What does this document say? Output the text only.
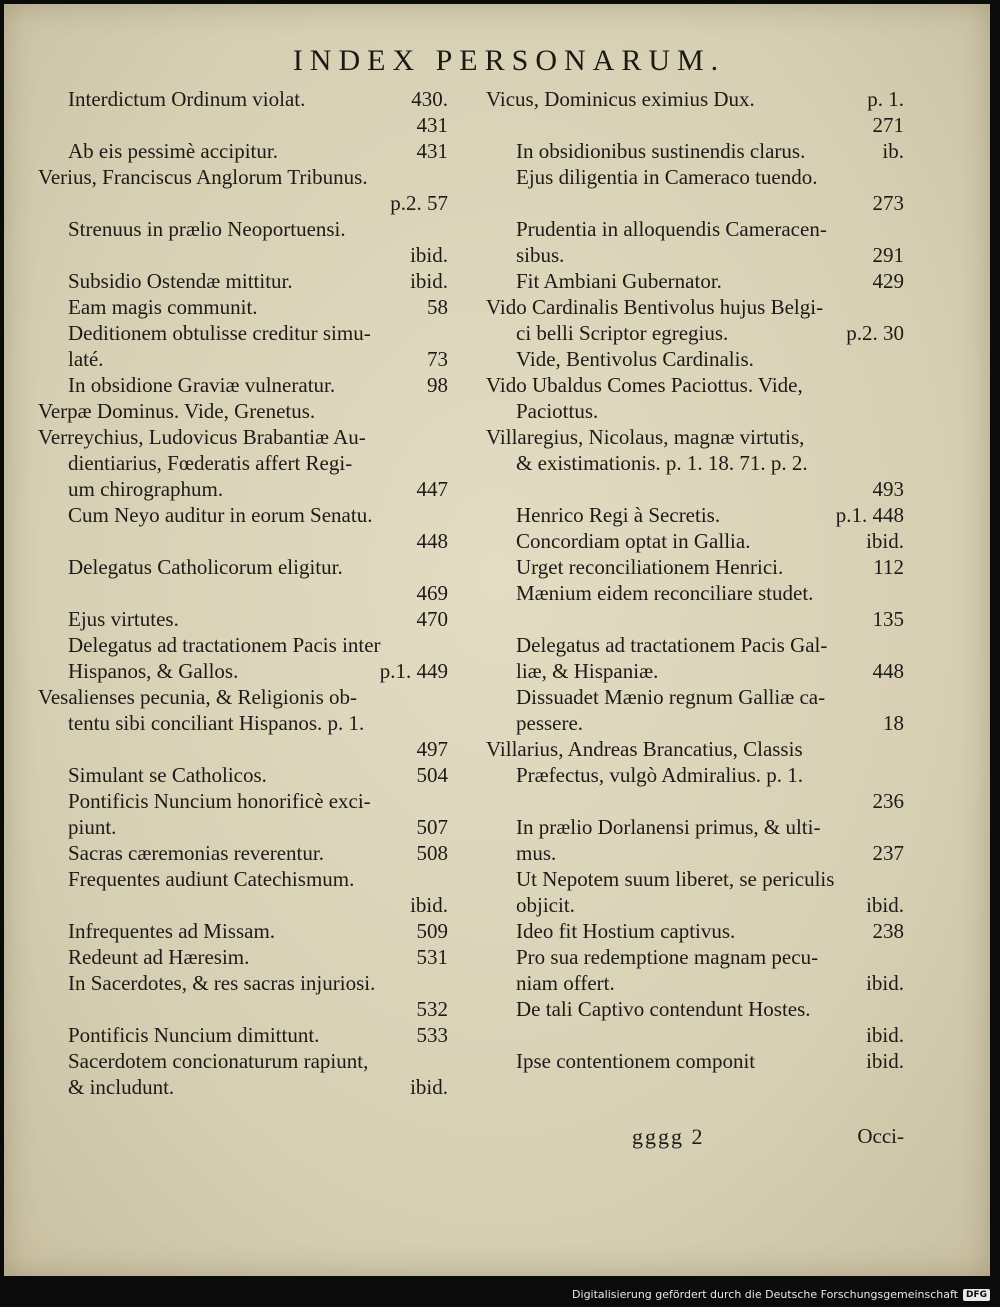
INDEX PERSONARUM.
Interdictum Ordinum violat.	430.
431
Ab eis pessimè accipitur.	431
Verius, Franciscus Anglorum Tribunus.
p.2. 57
Strenuus in prælio Neoportuensi.
ibid.
Subsidio Ostendæ mittitur.	ibid.
Eam magis communit.	58
Deditionem obtulisse creditur simu-
laté.	73
In obsidione Graviæ vulneratur.	98
Verpæ Dominus. Vide, Grenetus.
Verreychius, Ludovicus Brabantiæ Au-
dientiarius, Fœderatis affert Regi-
um chirographum.	447
Cum Neyo auditur in eorum Senatu.
448
Delegatus Catholicorum eligitur.
469
Ejus virtutes.	470
Delegatus ad tractationem Pacis inter
Hispanos, & Gallos.	p.1. 449
Vesalienses pecunia, & Religionis ob-
tentu sibi conciliant Hispanos. p. 1.
497
Simulant se Catholicos.	504
Pontificis Nuncium honorificè exci-
piunt.	507
Sacras cæremonias reverentur.	508
Frequentes audiunt Catechismum.
ibid.
Infrequentes ad Missam.	509
Redeunt ad Hæresim.	531
In Sacerdotes, & res sacras injuriosi.
532
Pontificis Nuncium dimittunt.	533
Sacerdotem concionaturum rapiunt,
& includunt.	ibid.
Vicus, Dominicus eximius Dux.	p. 1.
271
In obsidionibus sustinendis clarus.	ib.
Ejus diligentia in Cameraco tuendo.
273
Prudentia in alloquendis Cameracen-
sibus.	291
Fit Ambiani Gubernator.	429
Vido Cardinalis Bentivolus hujus Belgi-
ci belli Scriptor egregius.	p.2. 30
Vide, Bentivolus Cardinalis.
Vido Ubaldus Comes Paciottus. Vide,
Paciottus.
Villaregius, Nicolaus, magnæ virtutis,
& existimationis. p. 1. 18. 71. p. 2.
493
Henrico Regi à Secretis.	p.1. 448
Concordiam optat in Gallia.	ibid.
Urget reconciliationem Henrici.	112
Mænium eidem reconciliare studet.
135
Delegatus ad tractationem Pacis Gal-
liæ, & Hispaniæ.	448
Dissuadet Mænio regnum Galliæ ca-
pessere.	18
Villarius, Andreas Brancatius, Classis
Præfectus, vulgò Admiralius. p. 1.
236
In prælio Dorlanensi primus, & ulti-
mus.	237
Ut Nepotem suum liberet, se periculis
objicit.	ibid.
Ideo fit Hostium captivus.	238
Pro sua redemptione magnam pecu-
niam offert.	ibid.
De tali Captivo contendunt Hostes.
ibid.
Ipse contentionem componit	ibid.
gggg 2	Occi-
Digitalisierung gefördert durch die Deutsche Forschungsgemeinschaft DFG
